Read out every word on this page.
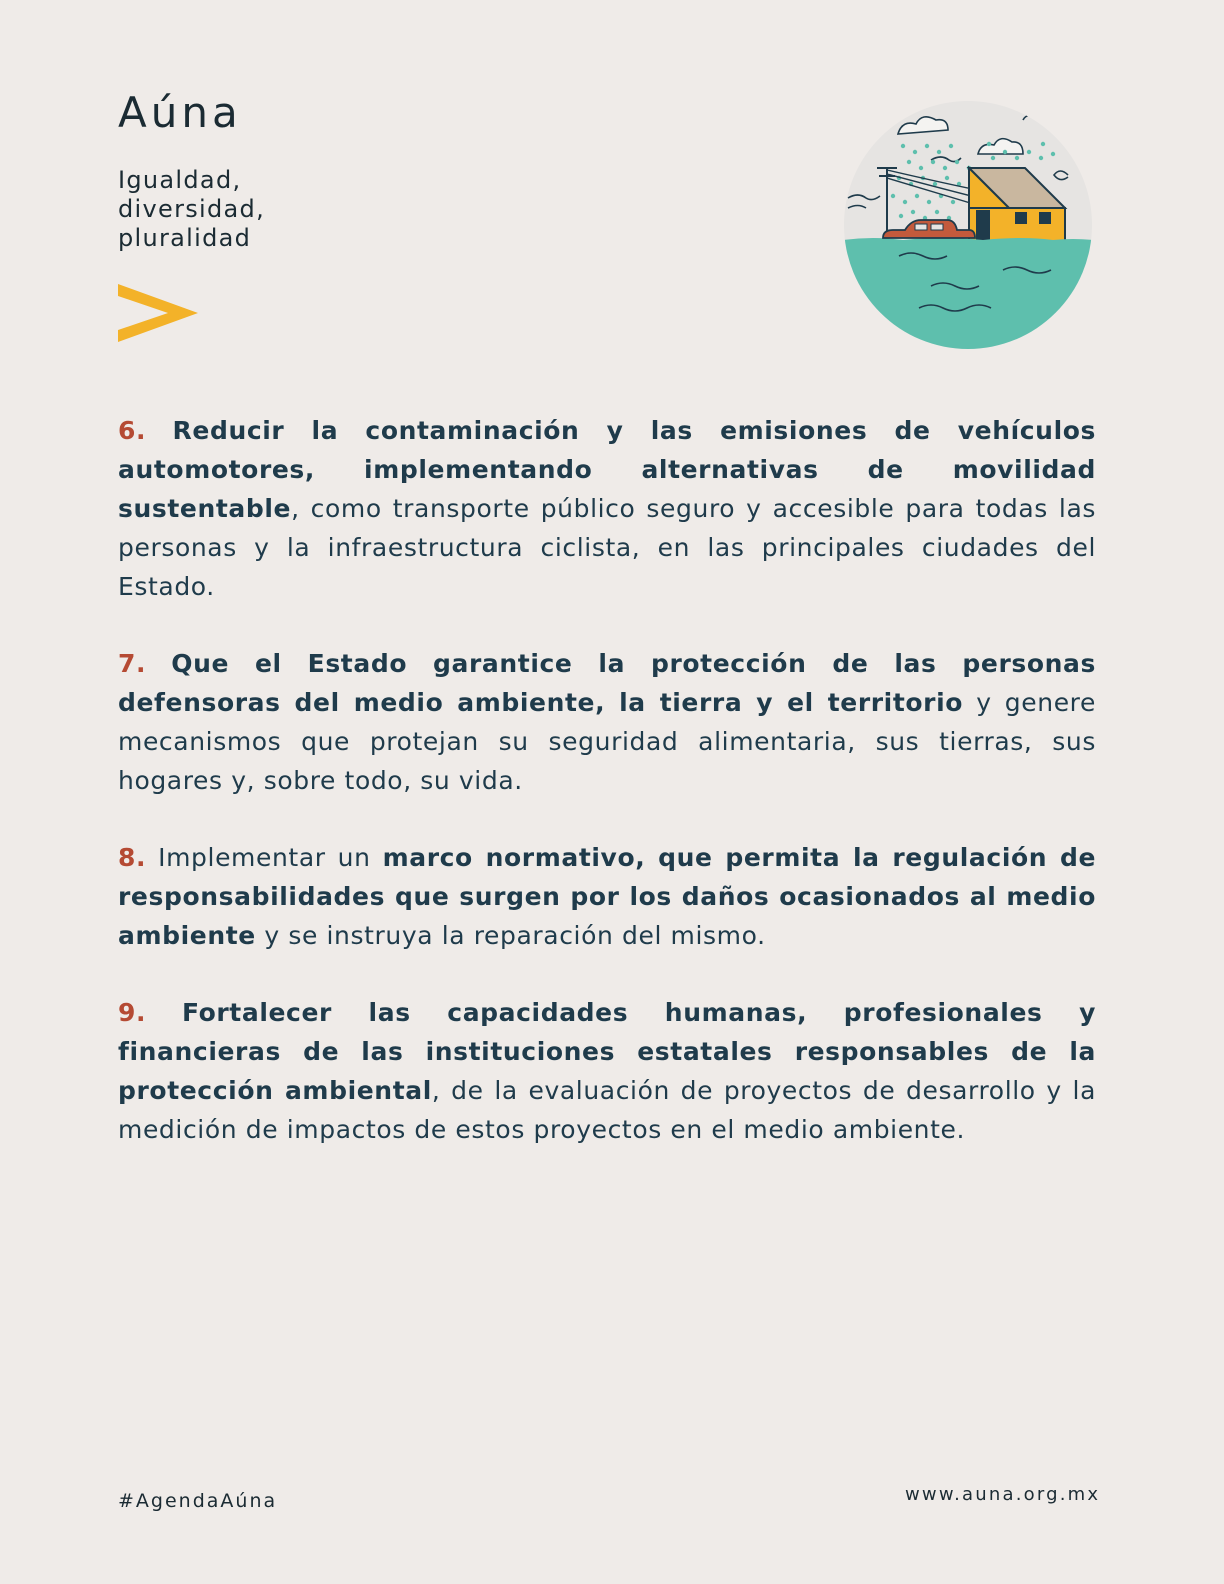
Aúna
Igualdad,
diversidad,
pluralidad

6. Reducir la contaminación y las emisiones de vehículos automotores, implementando alternativas de movilidad sustentable, como transporte público seguro y accesible para todas las personas y la infraestructura ciclista, en las principales ciudades del Estado.

7. Que el Estado garantice la protección de las personas defensoras del medio ambiente, la tierra y el territorio y genere mecanismos que protejan su seguridad alimentaria, sus tierras, sus hogares y, sobre todo, su vida.

8. Implementar un marco normativo, que permita la regulación de responsabilidades que surgen por los daños ocasionados al medio ambiente y se instruya la reparación del mismo.

9. Fortalecer las capacidades humanas, profesionales y financieras de las instituciones estatales responsables de la protección ambiental, de la evaluación de proyectos de desarrollo y la medición de impactos de estos proyectos en el medio ambiente.

#AgendaAúna	www.auna.org.mx
